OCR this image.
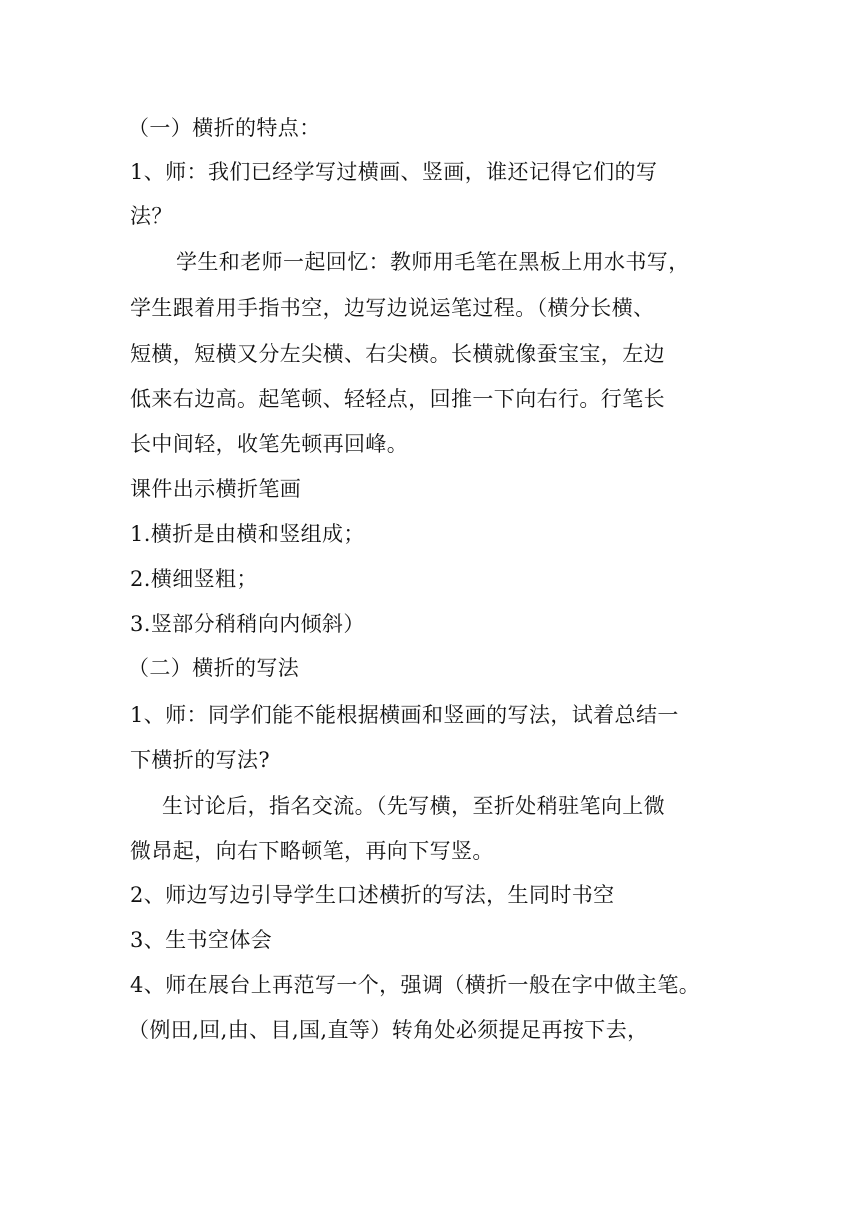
（一）横折的特点：
1、师：我们已经学写过横画、竖画，谁还记得它们的写
法？
学生和老师一起回忆：教师用毛笔在黑板上用水书写，
学生跟着用手指书空，边写边说运笔过程。（横分长横、
短横，短横又分左尖横、右尖横。长横就像蚕宝宝，左边
低来右边高。起笔顿、轻轻点，回推一下向右行。行笔长
长中间轻，收笔先顿再回峰。
课件出示横折笔画
1.横折是由横和竖组成；
2.横细竖粗；
3.竖部分稍稍向内倾斜）
（二）横折的写法
1、师：同学们能不能根据横画和竖画的写法，试着总结一
下横折的写法?
生讨论后，指名交流。（先写横，至折处稍驻笔向上微
微昂起，向右下略顿笔，再向下写竖。
2、师边写边引导学生口述横折的写法，生同时书空
3、生书空体会
4、师在展台上再范写一个，强调（横折一般在字中做主笔。
（例田,回,由、目,国,直等）转角处必须提足再按下去，
